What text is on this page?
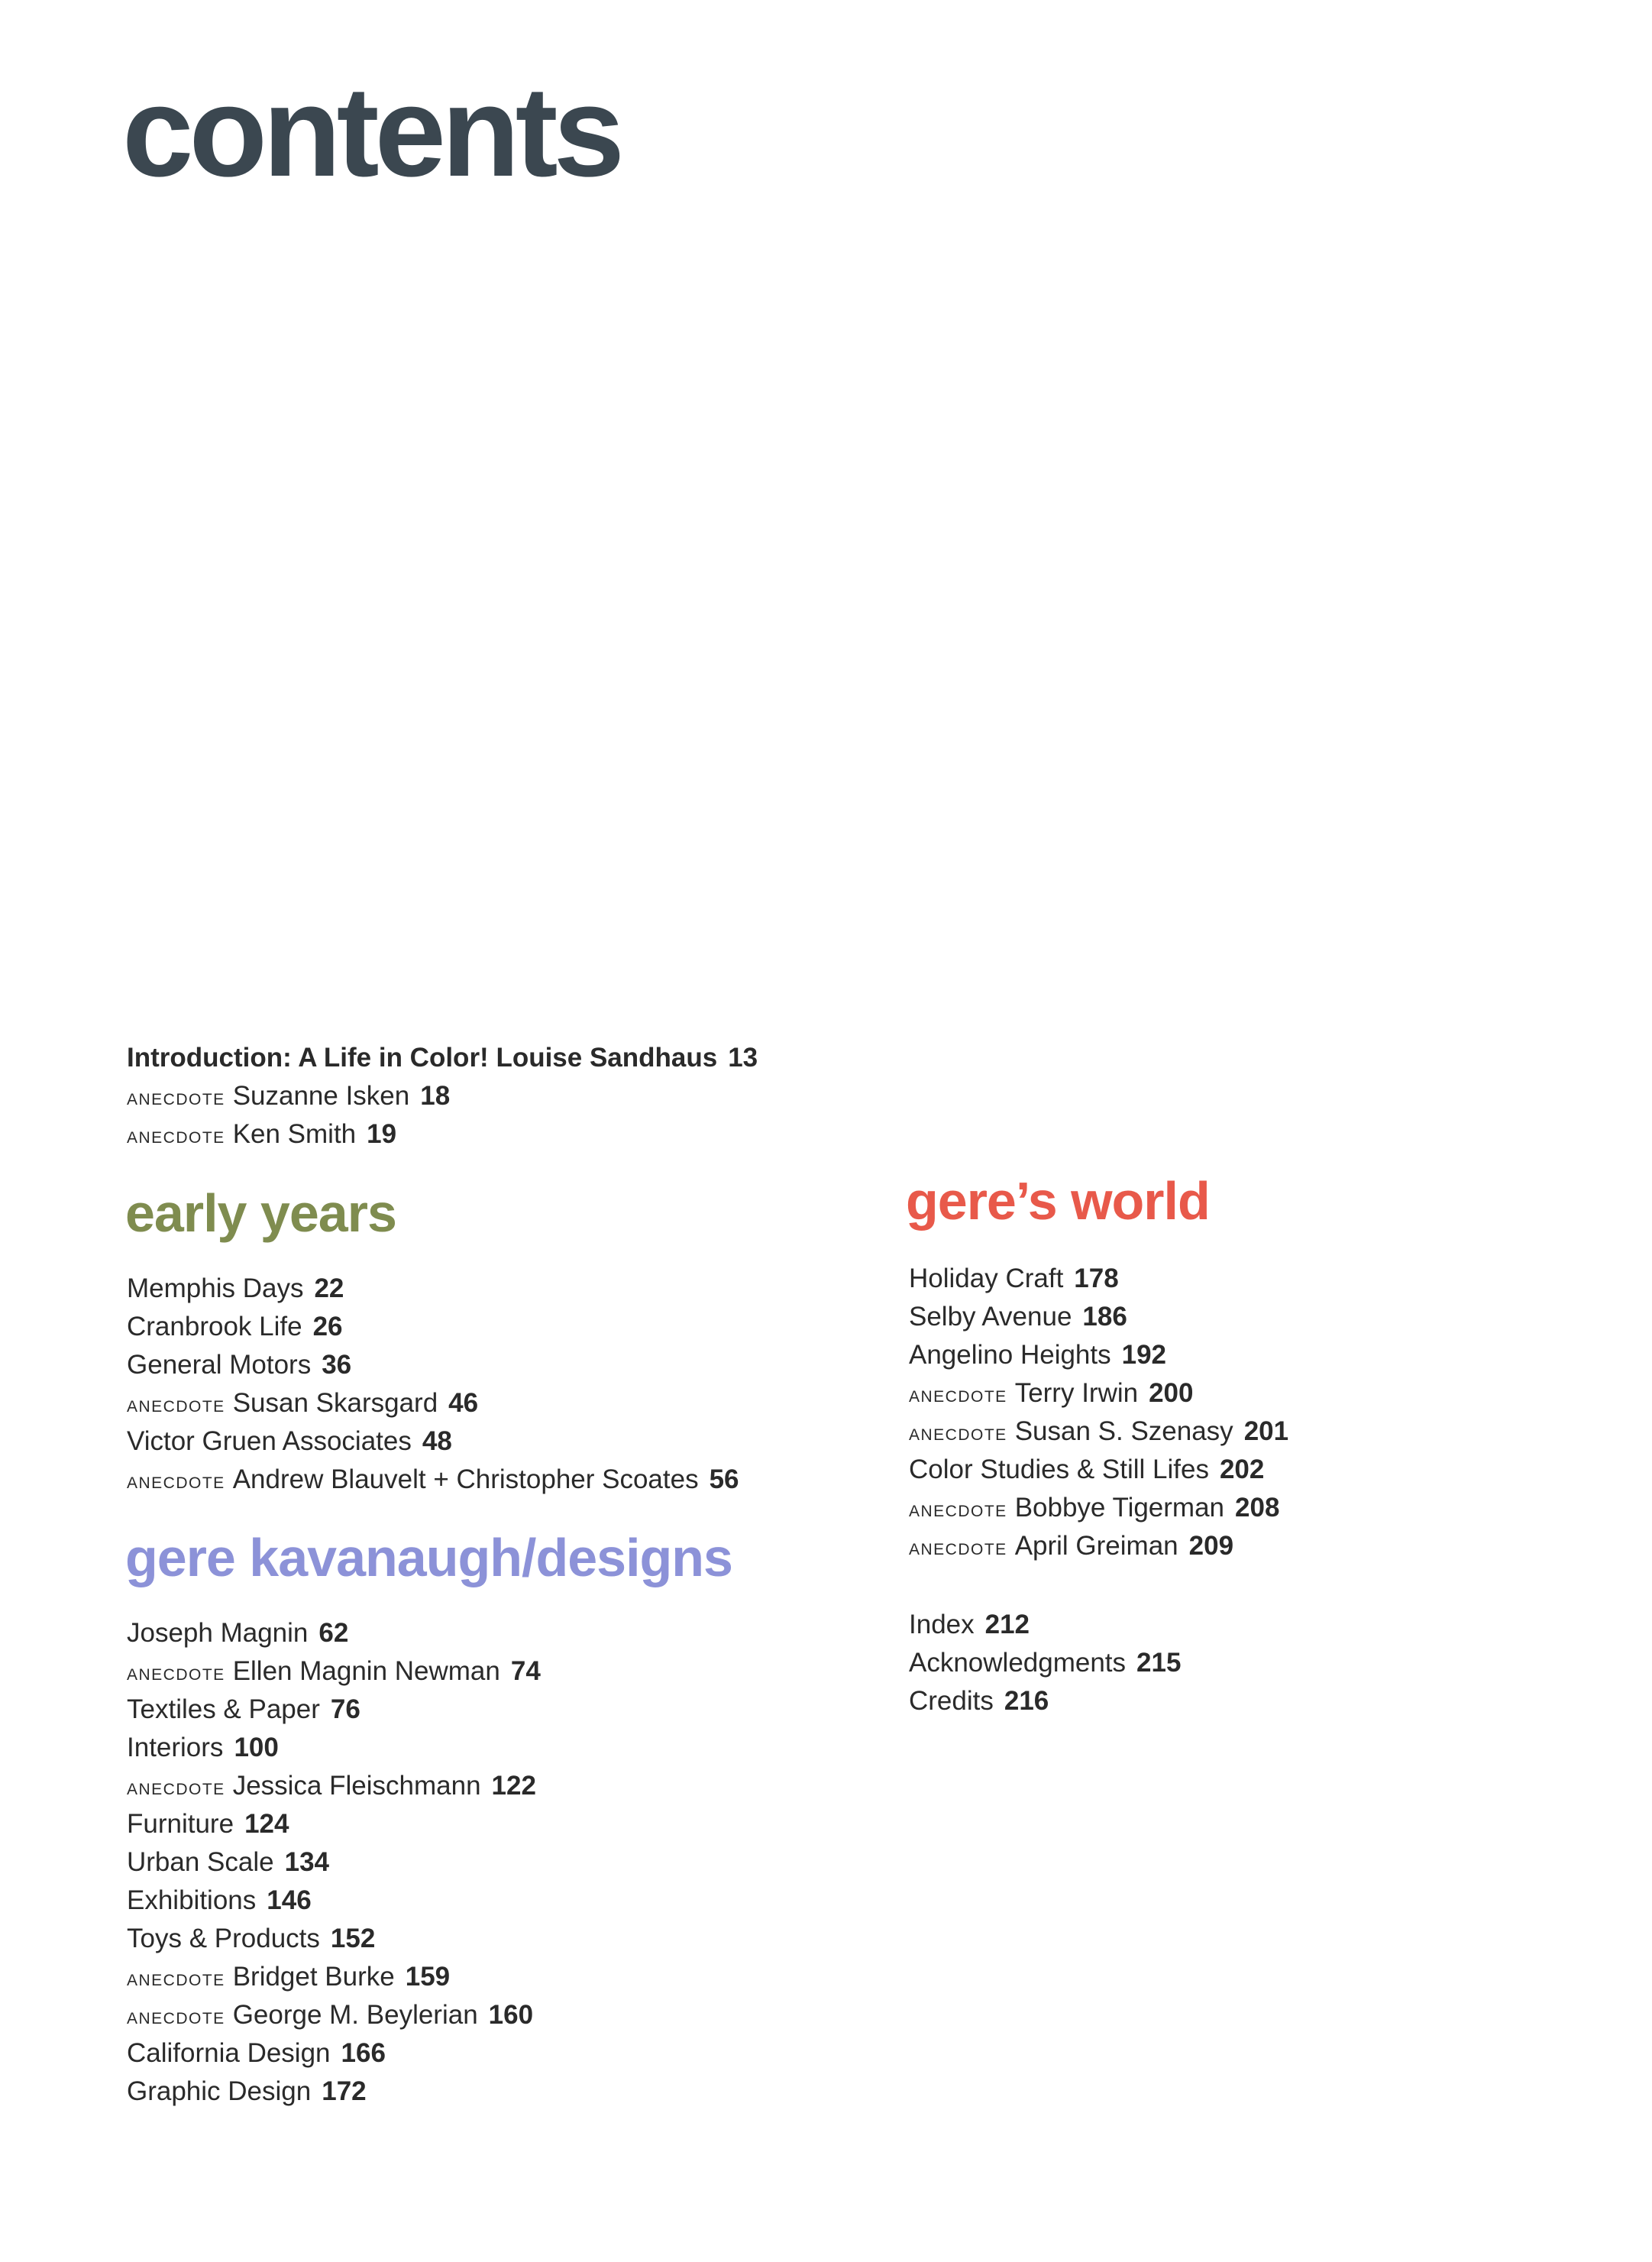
contents
Introduction: A Life in Color! Louise Sandhaus 13
ANECDOTE Suzanne Isken 18
ANECDOTE Ken Smith 19
early years
Memphis Days 22
Cranbrook Life 26
General Motors 36
ANECDOTE Susan Skarsgard 46
Victor Gruen Associates 48
ANECDOTE Andrew Blauvelt + Christopher Scoates 56
gere kavanaugh/designs
Joseph Magnin 62
ANECDOTE Ellen Magnin Newman 74
Textiles & Paper 76
Interiors 100
ANECDOTE Jessica Fleischmann 122
Furniture 124
Urban Scale 134
Exhibitions 146
Toys & Products 152
ANECDOTE Bridget Burke 159
ANECDOTE George M. Beylerian 160
California Design 166
Graphic Design 172
gere’s world
Holiday Craft 178
Selby Avenue 186
Angelino Heights 192
ANECDOTE Terry Irwin 200
ANECDOTE Susan S. Szenasy 201
Color Studies & Still Lifes 202
ANECDOTE Bobbye Tigerman 208
ANECDOTE April Greiman 209
Index 212
Acknowledgments 215
Credits 216
